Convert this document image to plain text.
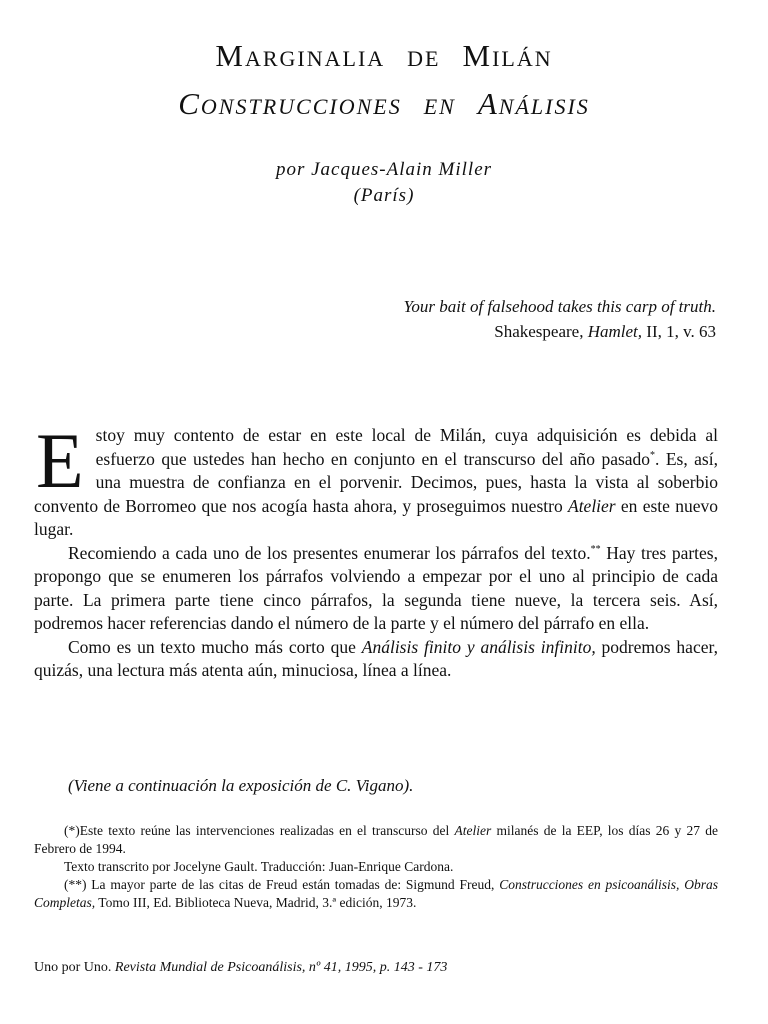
Marginalia de Milán
Construcciones en Análisis
por Jacques-Alain Miller
(París)
Your bait of falsehood takes this carp of truth.
Shakespeare, Hamlet, II, 1, v. 63

Estoy muy contento de estar en este local de Milán, cuya adquisición es debida al esfuerzo que ustedes han hecho en conjunto en el transcurso del año pasado*. Es, así, una muestra de confianza en el porvenir. Decimos, pues, hasta la vista al soberbio convento de Borromeo que nos acogía hasta ahora, y proseguimos nuestro Atelier en este nuevo lugar.

Recomiendo a cada uno de los presentes enumerar los párrafos del texto.** Hay tres partes, propongo que se enumeren los párrafos volviendo a empezar por el uno al principio de cada parte. La primera parte tiene cinco párrafos, la segunda tiene nueve, la tercera seis. Así, podremos hacer referencias dando el número de la parte y el número del párrafo en ella.

Como es un texto mucho más corto que Análisis finito y análisis infinito, podremos hacer, quizás, una lectura más atenta aún, minuciosa, línea a línea.

(Viene a continuación la exposición de C. Vigano).

(*)Este texto reúne las intervenciones realizadas en el transcurso del Atelier milanés de la EEP, los días 26 y 27 de Febrero de 1994.

Texto transcrito por Jocelyne Gault. Traducción: Juan-Enrique Cardona.

(**) La mayor parte de las citas de Freud están tomadas de: Sigmund Freud, Construcciones en psicoanálisis, Obras Completas, Tomo III, Ed. Biblioteca Nueva, Madrid, 3.ª edición, 1973.

Uno por Uno. Revista Mundial de Psicoanálisis, nº 41, 1995, p. 143 - 173
